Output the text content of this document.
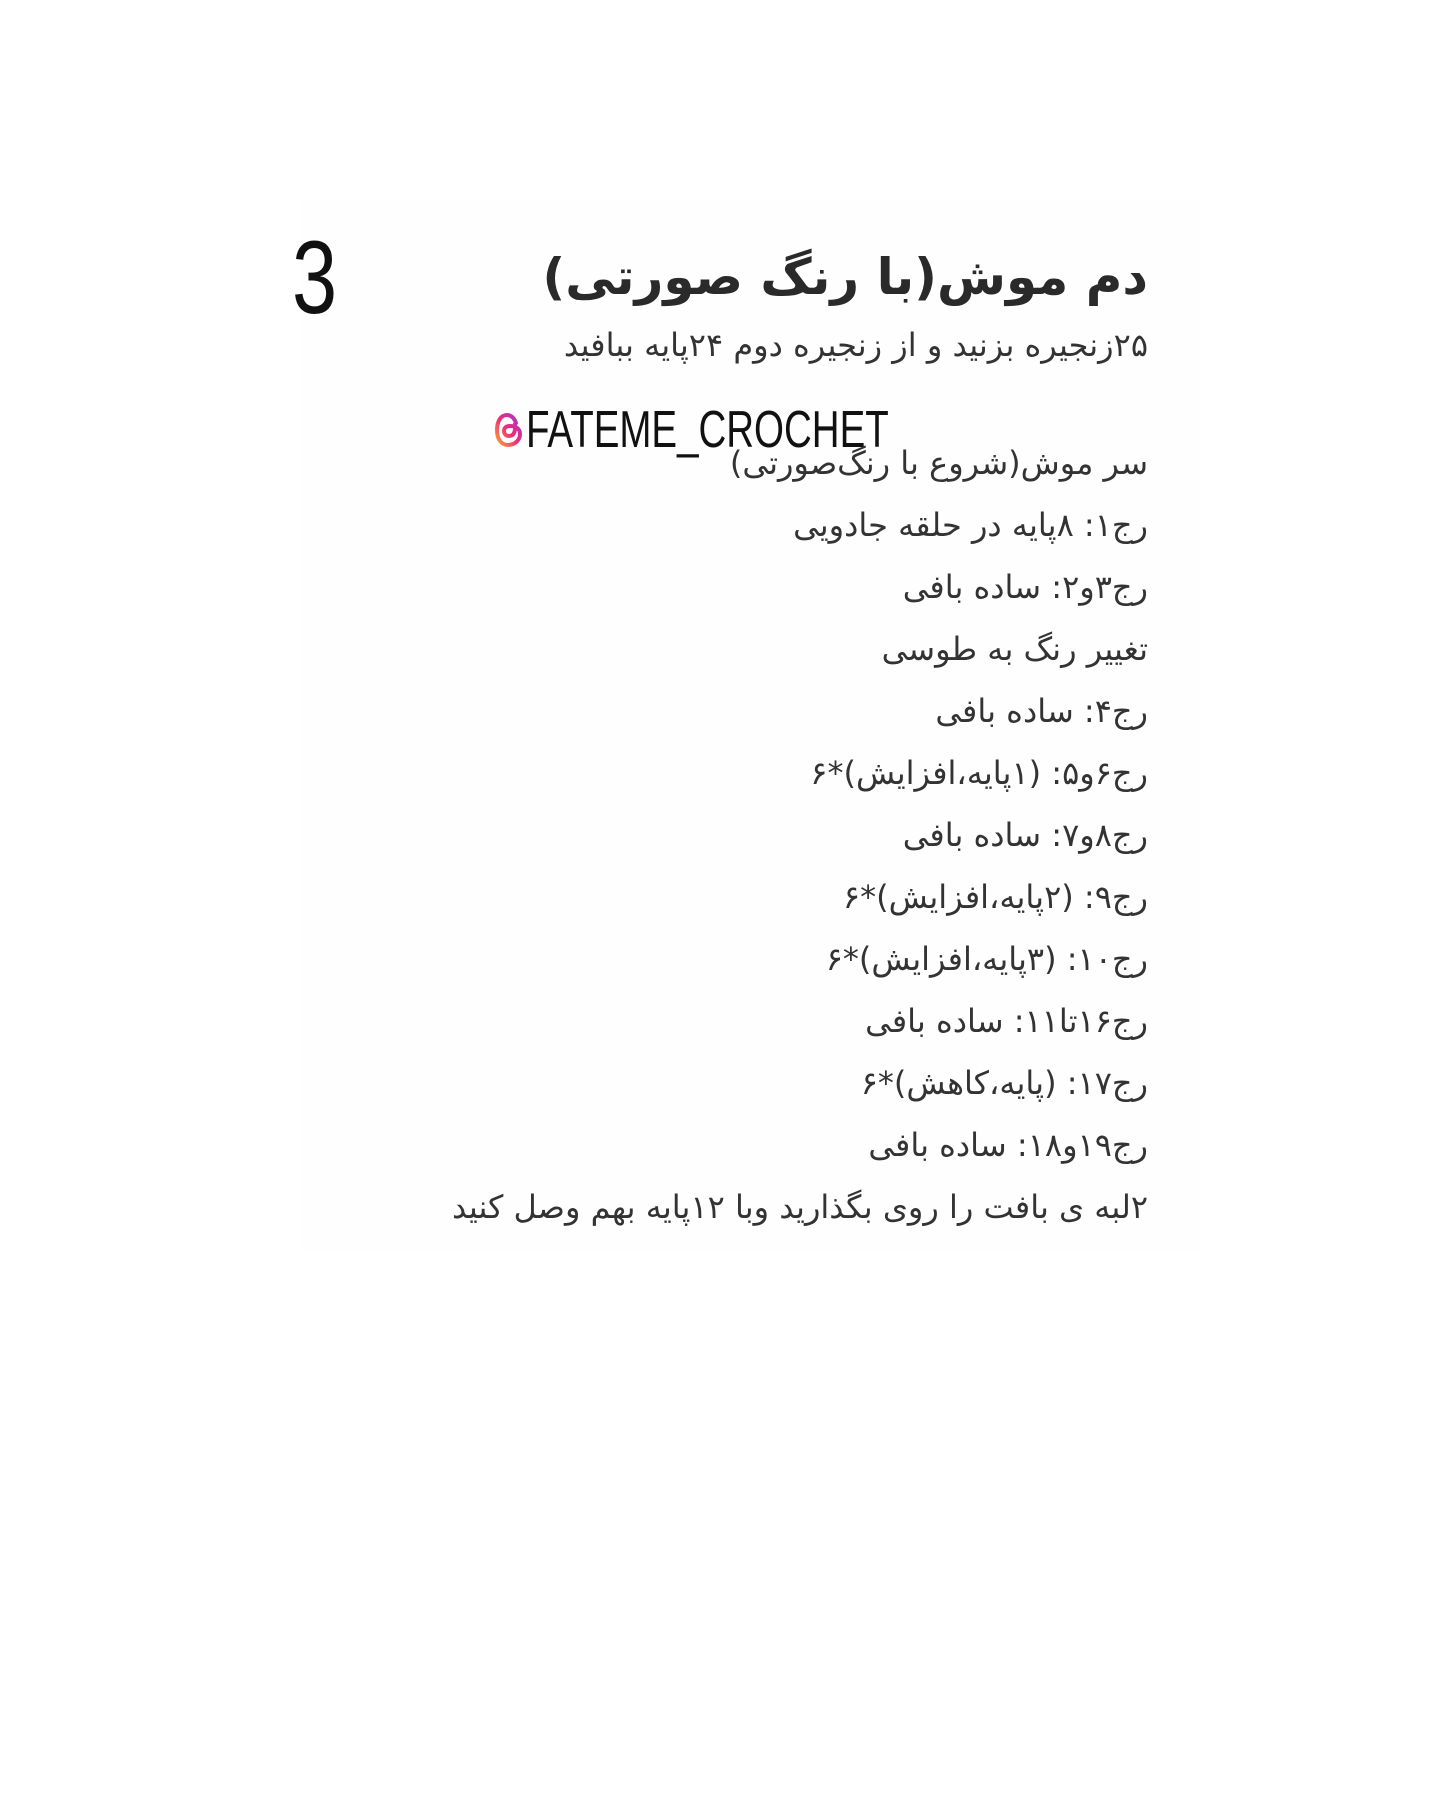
3	دم موش(با رنگ صورتی)
۲۵زنجیره بزنید و از زنجیره دوم ۲۴پایه ببافید
سر موش(شروع با رنگ‌صورتی)
رج۱: ۸پایه در حلقه جادویی
رج۳و۲: ساده بافی
تغییر رنگ به طوسی
رج۴: ساده بافی
رج۶و۵: (۱پایه،افزایش)*۶
رج۸و۷: ساده بافی
رج۹: (۲پایه،افزایش)*۶
رج۱۰: (۳پایه،افزایش)*۶
رج۱۶تا۱۱: ساده بافی
رج۱۷: (پایه،کاهش)*۶
رج۱۹و۱۸: ساده بافی
۲لبه ی بافت را روی بگذارید وبا ۱۲پایه بهم وصل کنید
FATEME_CROCHET
